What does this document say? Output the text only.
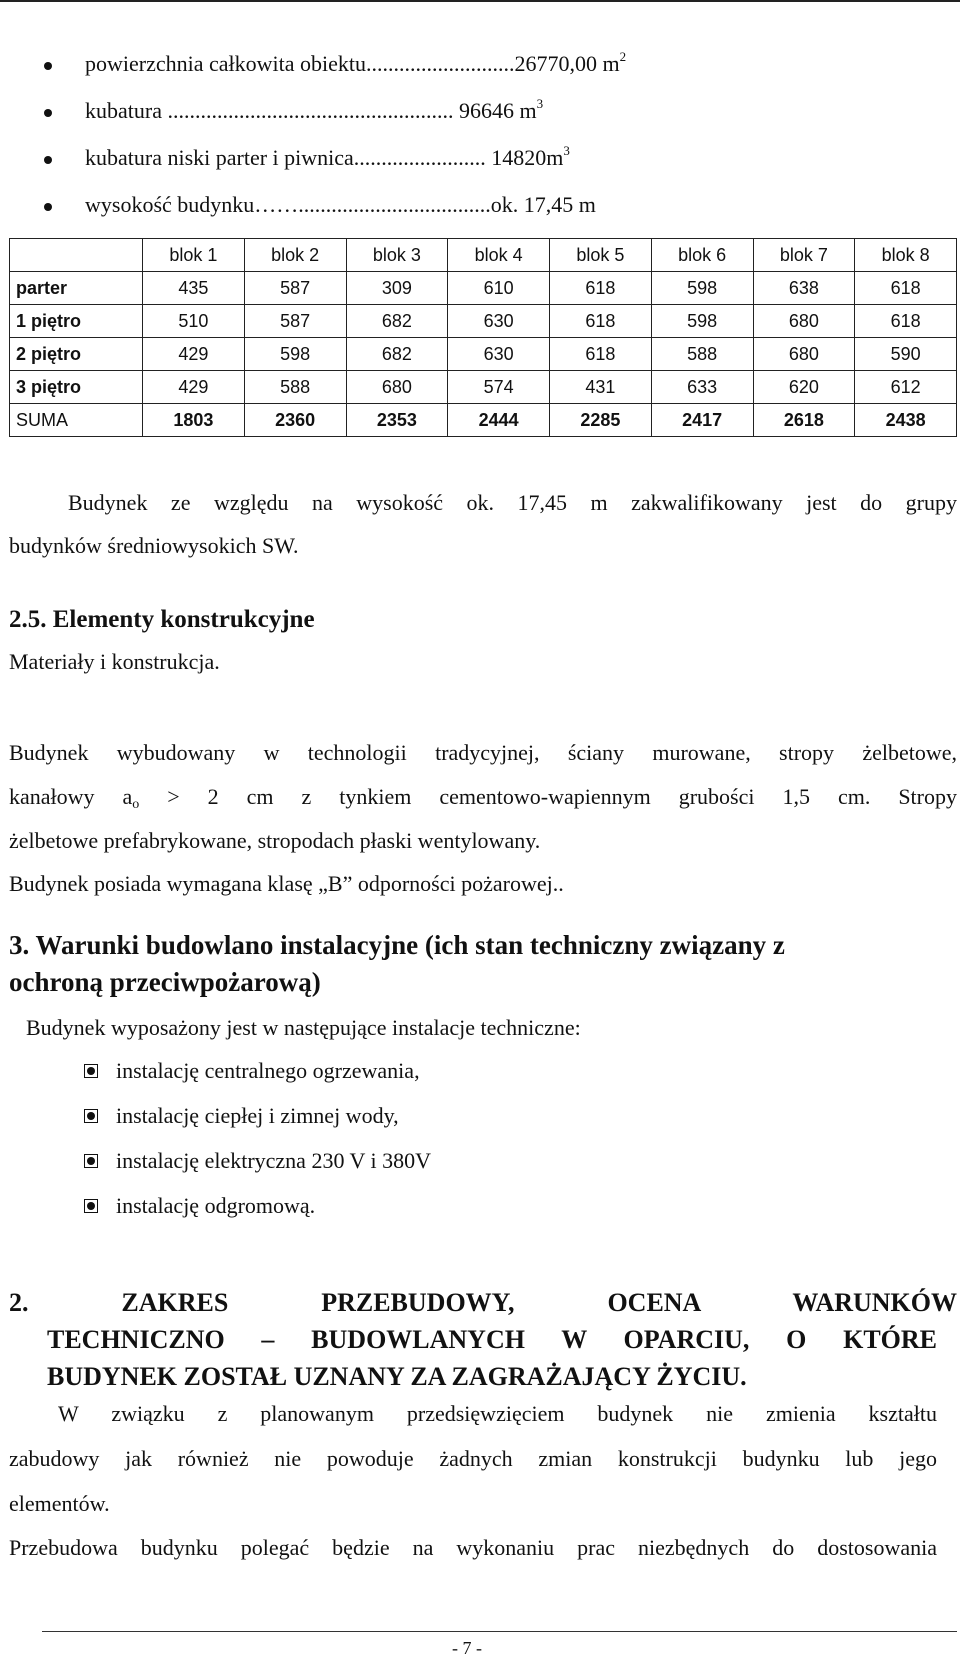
powierzchnia całkowita obiektu...........................26770,00 $m^2$
kubatura .................................................... 96646 $m^3$
kubatura niski parter i piwnica........................ $14820m^3$
wysokość budynku……...................................ok. 17,45 m
	blok 1	blok 2	blok 3	blok 4	blok 5	blok 6	blok 7	blok 8
parter	435	587	309	610	618	598	638	618
1 piętro	510	587	682	630	618	598	680	618
2 piętro	429	598	682	630	618	588	680	590
3 piętro	429	588	680	574	431	633	620	612
SUMA	1803	2360	2353	2444	2285	2417	2618	2438
Budynek ze względu na wysokość ok. 17,45 m zakwalifikowany jest do grupy
budynków średniowysokich SW.
2.5. Elementy konstrukcyjne
Materiały i konstrukcja.
Budynek wybudowany w technologii tradycyjnej, ściany murowane, stropy żelbetowe,
kanałowy $a_o > 2$ cm z tynkiem cementowo-wapiennym grubości 1,5 cm. Stropy
żelbetowe prefabrykowane, stropodach płaski wentylowany.
Budynek posiada wymagana klasę „B” odporności pożarowej..
3. Warunki budowlano instalacyjne (ich stan techniczny związany z
ochroną przeciwpożarową)
Budynek wyposażony jest w następujące instalacje techniczne:
instalację centralnego ogrzewania,
instalację ciepłej i zimnej wody,
instalację elektryczna 230 V i 380V
instalację odgromową.
2. ZAKRES PRZEBUDOWY, OCENA WARUNKÓW
TECHNICZNO – BUDOWLANYCH W OPARCIU, O KTÓRE
BUDYNEK ZOSTAŁ UZNANY ZA ZAGRAŻAJĄCY ŻYCIU.
W związku z planowanym przedsięwzięciem budynek nie zmienia kształtu
zabudowy jak również nie powoduje żadnych zmian konstrukcji budynku lub jego
elementów.
Przebudowa budynku polegać będzie na wykonaniu prac niezbędnych do dostosowania
- 7 -
